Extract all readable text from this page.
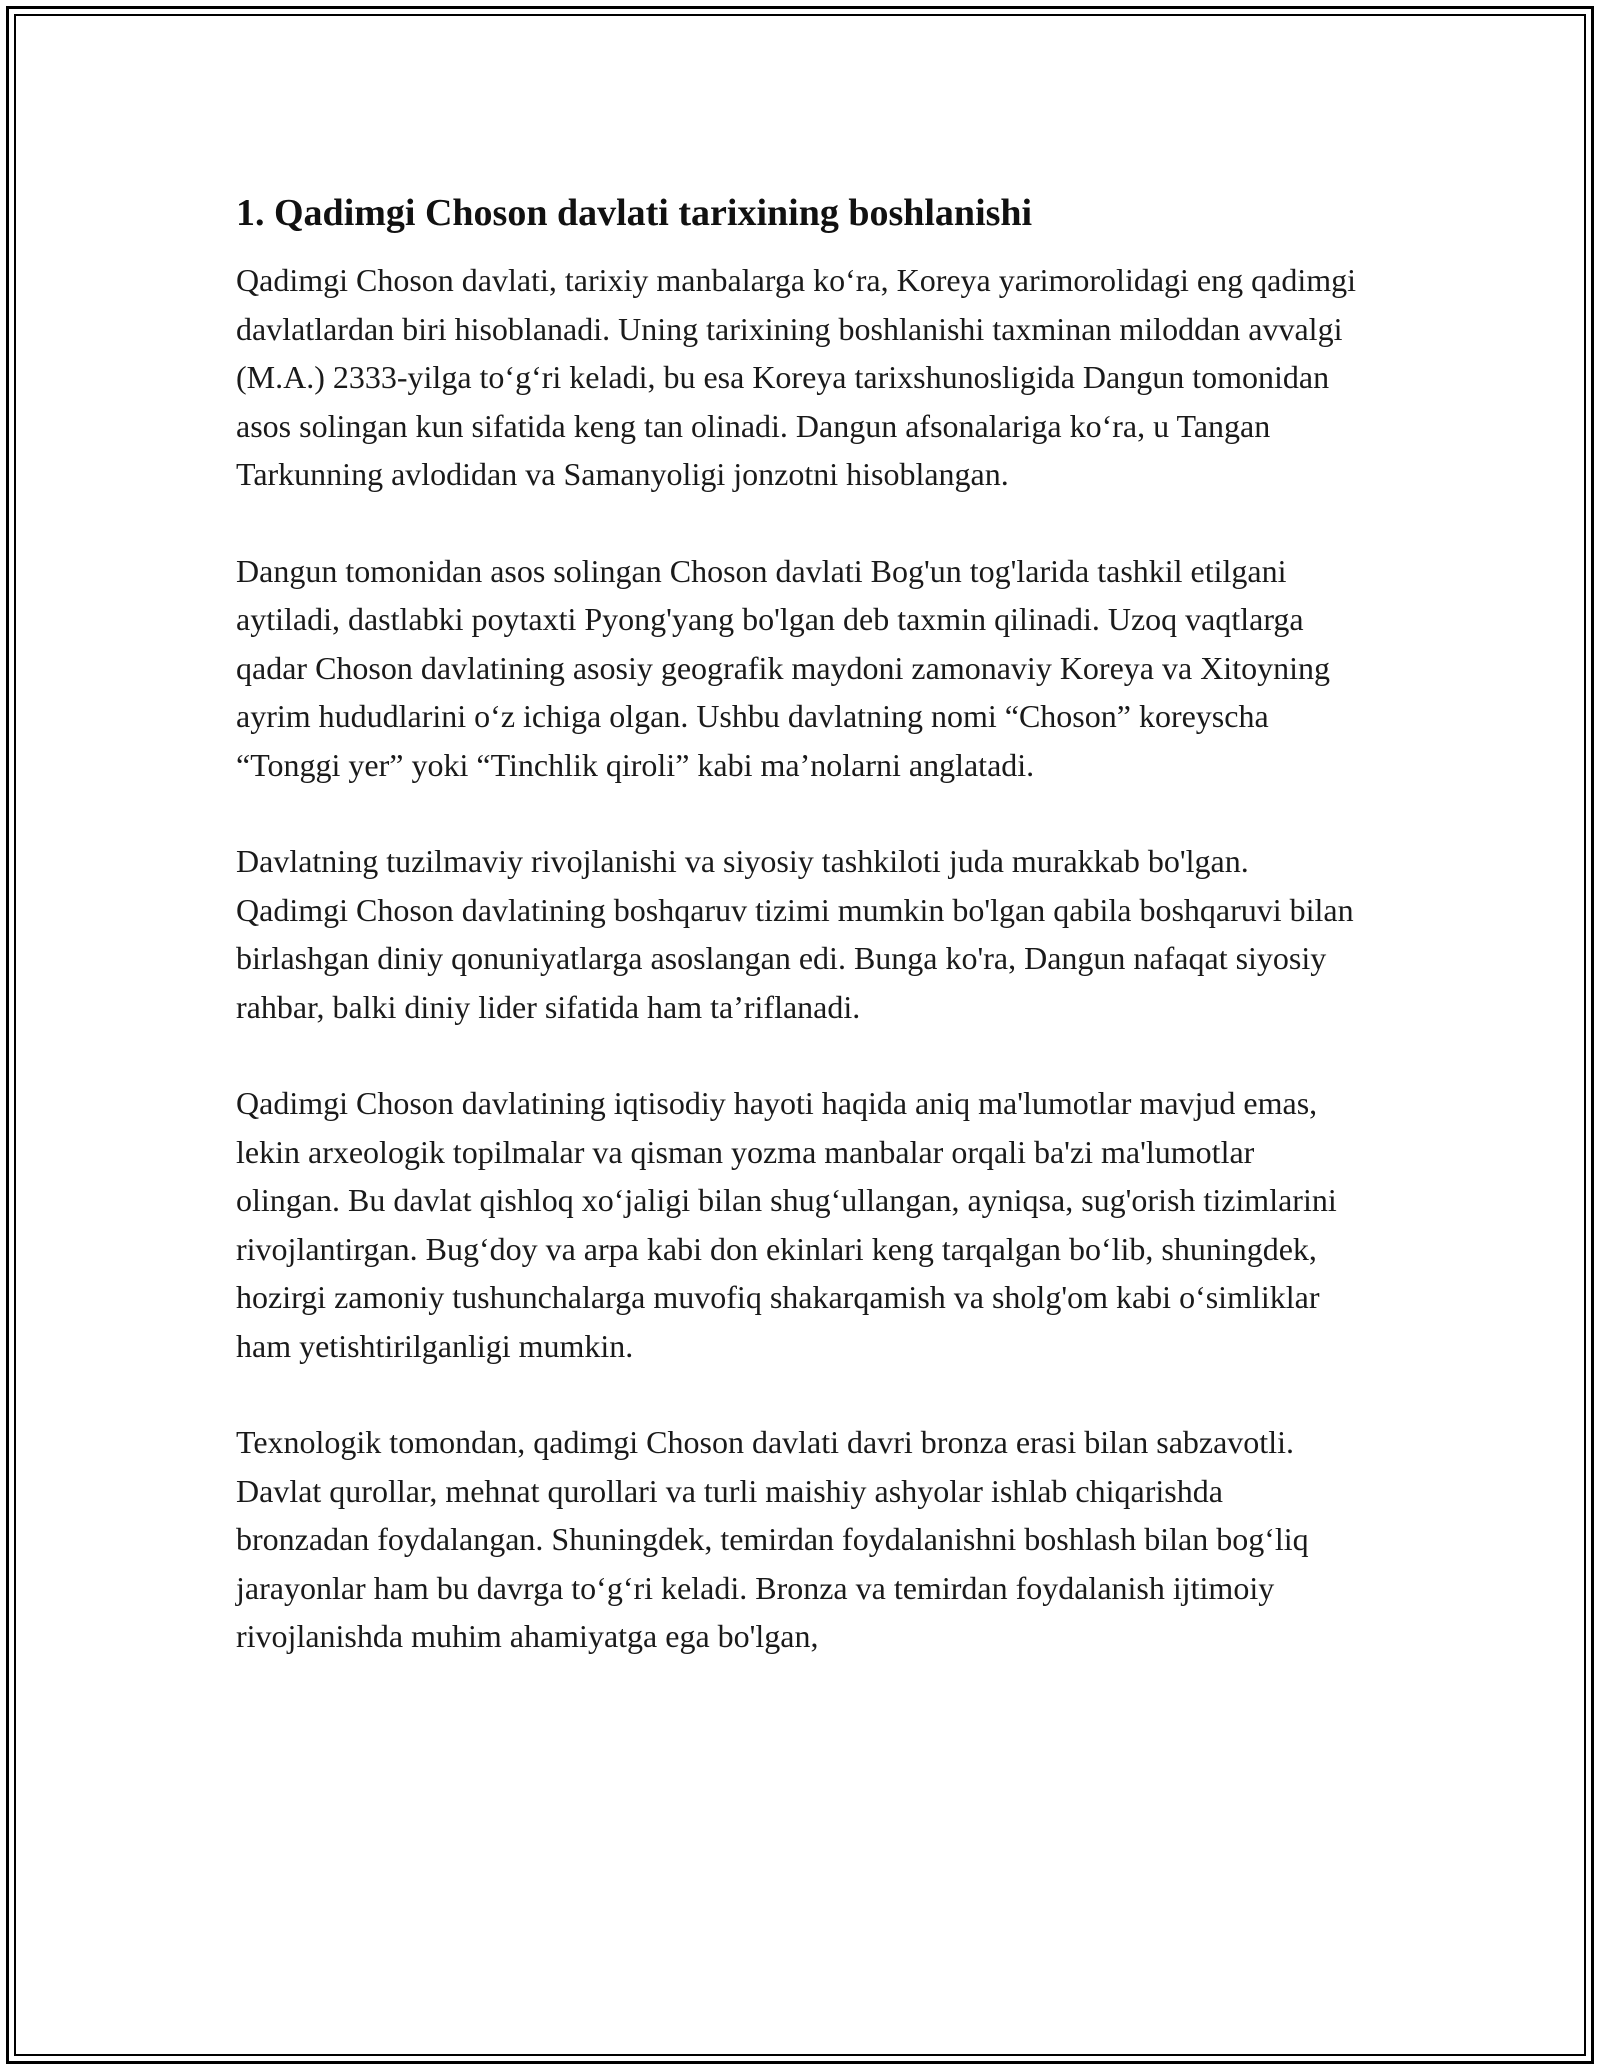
1. Qadimgi Choson davlati tarixining boshlanishi

Qadimgi Choson davlati, tarixiy manbalarga koʻra, Koreya yarimorolidagi eng qadimgi davlatlardan biri hisoblanadi. Uning tarixining boshlanishi taxminan miloddan avvalgi (M.A.) 2333-yilga toʻgʻri keladi, bu esa Koreya tarixshunosligida Dangun tomonidan asos solingan kun sifatida keng tan olinadi. Dangun afsonalariga koʻra, u Tangan Tarkunning avlodidan va Samanyoligi jonzotni hisoblangan.

Dangun tomonidan asos solingan Choson davlati Bog'un tog'larida tashkil etilgani aytiladi, dastlabki poytaxti Pyong'yang bo'lgan deb taxmin qilinadi. Uzoq vaqtlarga qadar Choson davlatining asosiy geografik maydoni zamonaviy Koreya va Xitoyning ayrim hududlarini oʻz ichiga olgan. Ushbu davlatning nomi “Choson” koreyscha “Tonggi yer” yoki “Tinchlik qiroli” kabi ma’nolarni anglatadi.

Davlatning tuzilmaviy rivojlanishi va siyosiy tashkiloti juda murakkab bo'lgan. Qadimgi Choson davlatining boshqaruv tizimi mumkin bo'lgan qabila boshqaruvi bilan birlashgan diniy qonuniyatlarga asoslangan edi. Bunga ko'ra, Dangun nafaqat siyosiy rahbar, balki diniy lider sifatida ham ta’riflanadi.

Qadimgi Choson davlatining iqtisodiy hayoti haqida aniq ma'lumotlar mavjud emas, lekin arxeologik topilmalar va qisman yozma manbalar orqali ba'zi ma'lumotlar olingan. Bu davlat qishloq xoʻjaligi bilan shugʻullangan, ayniqsa, sug'orish tizimlarini rivojlantirgan. Bugʻdoy va arpa kabi don ekinlari keng tarqalgan boʻlib, shuningdek, hozirgi zamoniy tushunchalarga muvofiq shakarqamish va sholg'om kabi oʻsimliklar ham yetishtirilganligi mumkin.

Texnologik tomondan, qadimgi Choson davlati davri bronza erasi bilan sabzavotli. Davlat qurollar, mehnat qurollari va turli maishiy ashyolar ishlab chiqarishda bronzadan foydalangan. Shuningdek, temirdan foydalanishni boshlash bilan bogʻliq jarayonlar ham bu davrga toʻgʻri keladi. Bronza va temirdan foydalanish ijtimoiy rivojlanishda muhim ahamiyatga ega bo'lgan,
